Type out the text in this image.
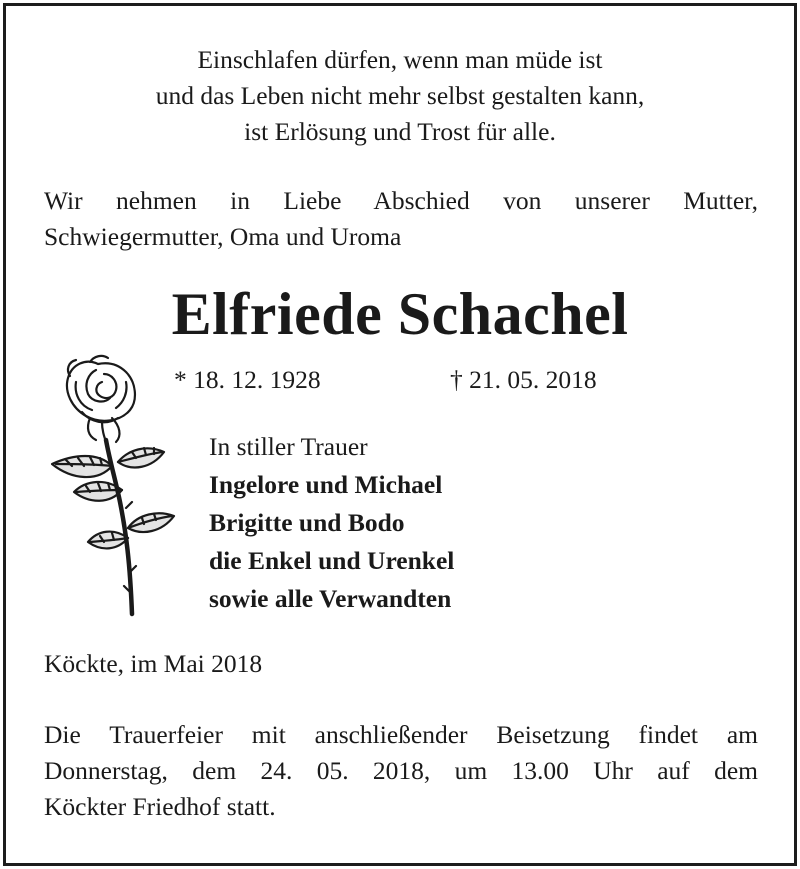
Einschlafen dürfen, wenn man müde ist
und das Leben nicht mehr selbst gestalten kann,
ist Erlösung und Trost für alle.
Wir nehmen in Liebe Abschied von unserer Mutter,
Schwiegermutter, Oma und Uroma
Elfriede Schachel
* 18. 12. 1928	† 21. 05. 2018
In stiller Trauer
Ingelore und Michael
Brigitte und Bodo
die Enkel und Urenkel
sowie alle Verwandten
Köckte, im Mai 2018
Die Trauerfeier mit anschließender Beisetzung findet am
Donnerstag, dem 24. 05. 2018, um 13.00 Uhr auf dem
Köckter Friedhof statt.
